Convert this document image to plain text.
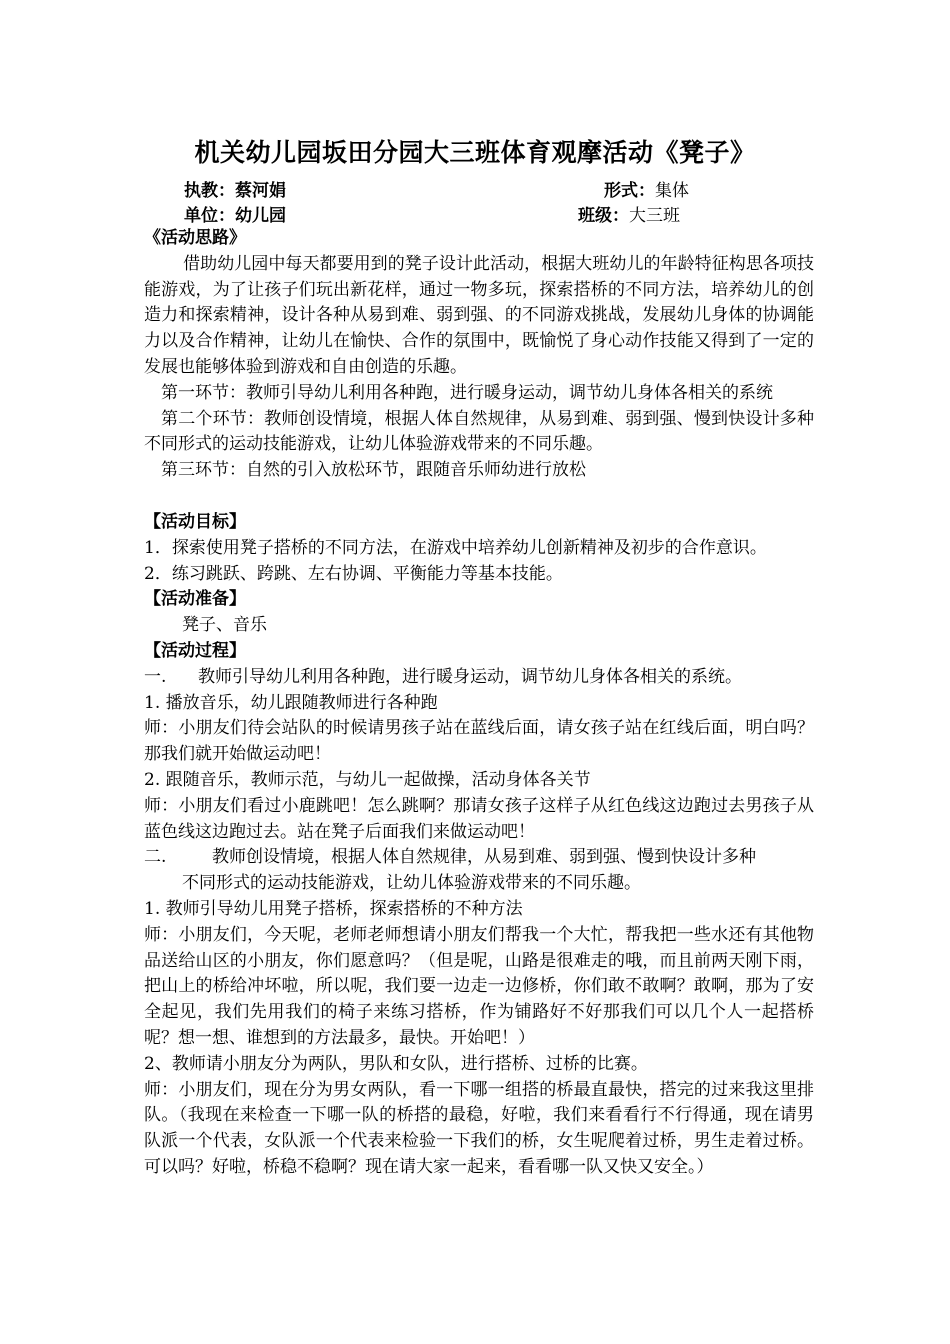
机关幼儿园坂田分园大三班体育观摩活动《凳子》
执教：蔡河娟	形式：集体
单位：幼儿园	班级：大三班

《活动思路》

借助幼儿园中每天都要用到的凳子设计此活动，根据大班幼儿的年龄特征构思各项技能游戏，为了让孩子们玩出新花样，通过一物多玩，探索搭桥的不同方法，培养幼儿的创造力和探索精神，设计各种从易到难、弱到强、的不同游戏挑战，发展幼儿身体的协调能力以及合作精神，让幼儿在愉快、合作的氛围中，既愉悦了身心动作技能又得到了一定的发展也能够体验到游戏和自由创造的乐趣。

第一环节：教师引导幼儿利用各种跑，进行暖身运动，调节幼儿身体各相关的系统

第二个环节：教师创设情境，根据人体自然规律，从易到难、弱到强、慢到快设计多种不同形式的运动技能游戏，让幼儿体验游戏带来的不同乐趣。

第三环节：自然的引入放松环节，跟随音乐师幼进行放松

【活动目标】

1．探索使用凳子搭桥的不同方法，在游戏中培养幼儿创新精神及初步的合作意识。

2．练习跳跃、跨跳、左右协调、平衡能力等基本技能。

【活动准备】

凳子、音乐

【活动过程】

一. 教师引导幼儿利用各种跑，进行暖身运动，调节幼儿身体各相关的系统。

1. 播放音乐，幼儿跟随教师进行各种跑

师：小朋友们待会站队的时候请男孩子站在蓝线后面，请女孩子站在红线后面，明白吗？那我们就开始做运动吧！

2. 跟随音乐，教师示范，与幼儿一起做操，活动身体各关节

师：小朋友们看过小鹿跳吧！怎么跳啊？那请女孩子这样子从红色线这边跑过去男孩子从蓝色线这边跑过去。站在凳子后面我们来做运动吧！

二.	教师创设情境，根据人体自然规律，从易到难、弱到强、慢到快设计多种

不同形式的运动技能游戏，让幼儿体验游戏带来的不同乐趣。

1. 教师引导幼儿用凳子搭桥，探索搭桥的不种方法

师：小朋友们，今天呢，老师老师想请小朋友们帮我一个大忙，帮我把一些水还有其他物品送给山区的小朋友，你们愿意吗？（但是呢，山路是很难走的哦，而且前两天刚下雨，把山上的桥给冲坏啦，所以呢，我们要一边走一边修桥，你们敢不敢啊？敢啊，那为了安全起见，我们先用我们的椅子来练习搭桥，作为铺路好不好那我们可以几个人一起搭桥呢？想一想、谁想到的方法最多，最快。开始吧！）

2、教师请小朋友分为两队，男队和女队，进行搭桥、过桥的比赛。

师：小朋友们，现在分为男女两队，看一下哪一组搭的桥最直最快，搭完的过来我这里排队。（我现在来检查一下哪一队的桥搭的最稳，好啦，我们来看看行不行得通，现在请男队派一个代表，女队派一个代表来检验一下我们的桥，女生呢爬着过桥，男生走着过桥。可以吗？好啦，桥稳不稳啊？现在请大家一起来，看看哪一队又快又安全。）
